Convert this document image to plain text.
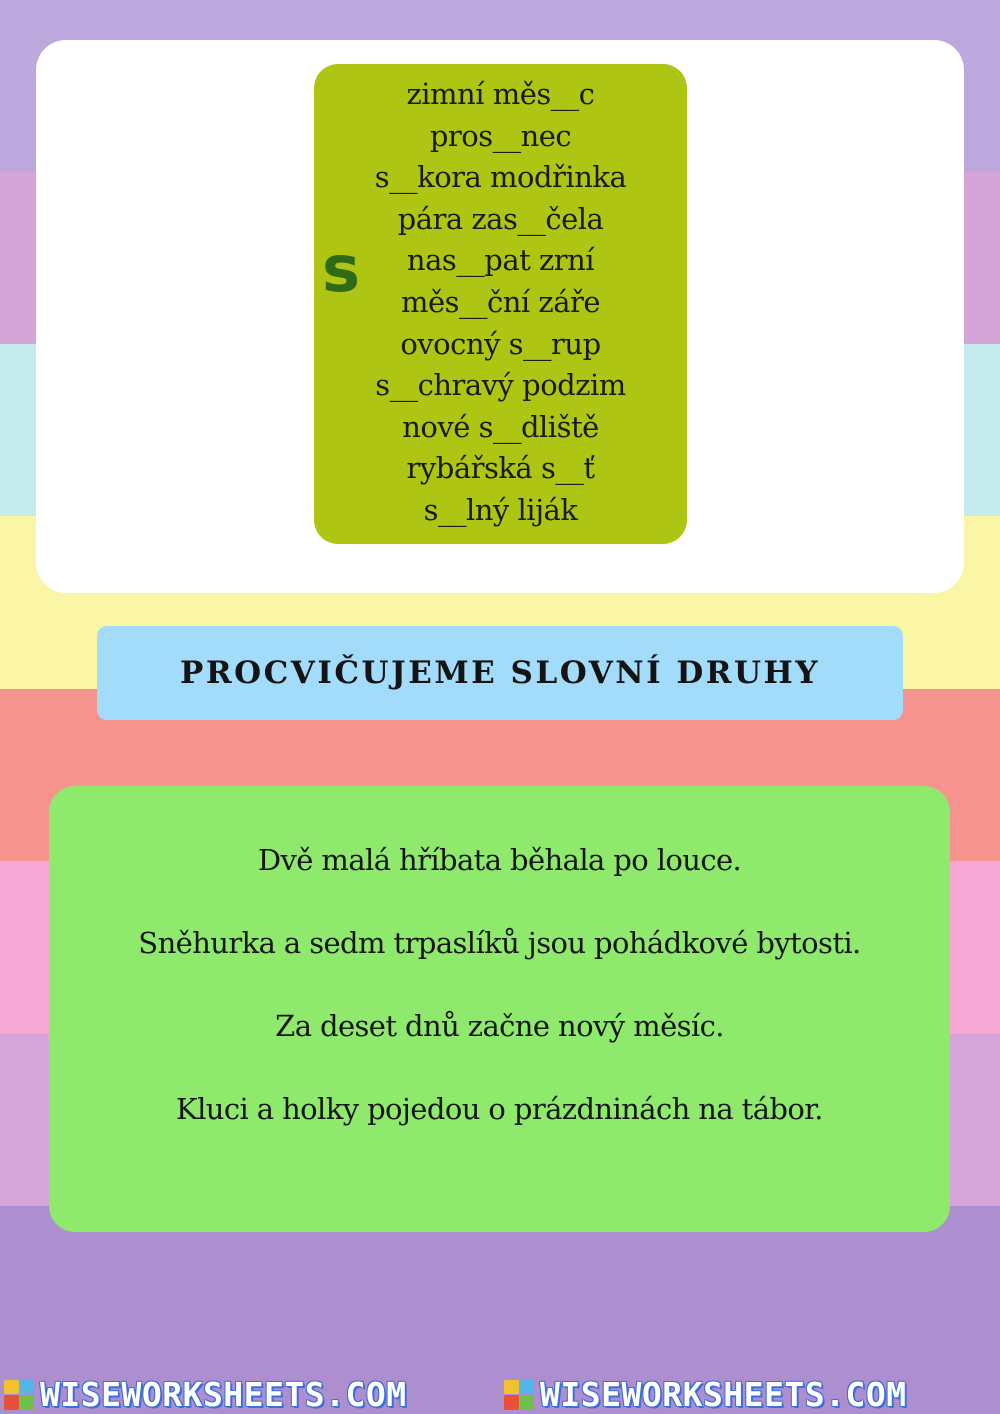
s
zimní měs__c
pros__nec
s__kora modřinka
pára zas__čela
nas__pat zrní
měs__ční záře
ovocný s__rup
s__chravý podzim
nové s__dliště
rybářská s__ť
s__lný liják
PROCVIČUJEME SLOVNÍ DRUHY
Dvě malá hříbata běhala po louce.
Sněhurka a sedm trpaslíků jsou pohádkové bytosti.
Za deset dnů začne nový měsíc.
Kluci a holky pojedou o prázdninách na tábor.
WISEWORKSHEETS.COM	WISEWORKSHEETS.COM
